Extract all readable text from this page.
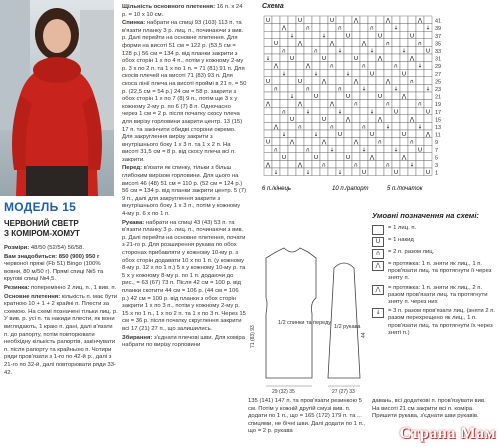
МОДЕЛЬ 15
ЧЕРВОНИЙ СВЕТР
З КОМІРОМ-ХОМУТ

Розміри: 48/50 (52/54) 56/58.

Вам знадобиться: 850 (900) 950 г червоної пряжі (Fb 51) Bingo (100% вовни, 80 м/50 г). Прямі спиці №5 та кругові спиці №4,5.

Резинка: поперемінно 2 лиц. п., 1 вив. п.

Основне плетення: кількість п. має бути кратною 10 + 1 + 2 крайні п. Плести за схемою. На схемі позначені тільки лиц. р. У вив. р. усі п. та накиди плести, як вони виглядають, 1 краю п. дані, далі в'язати п. до рапорту, потім повторювати необхідну кількість рапортів, закінчувати п. після рапорту та крайньою п. Чотири ряди пров'язати з 1-го по 42-й р., далі з 21-го по 32-й, далі повторювати ряди 33-42.

Щільність основного плетення: 16 п. x 24 р. = 10 x 10 см.

Спинка: набрати на спиці 93 (103) 113 п. та в'язати планку 3 р. лиц. п., починаючи з вив. р. Далі перейти на основне плетення. Для форми на висоті 51 см = 122 р. (53,5 см = 128 р.) 56 см = 134 р. від планки закрити з обох сторін 1 х по 4 п., потім у кожному 2-му р. 3 х по 2 п. та 1 х по 1 п. = 71 (81) 91 п. Для скосів плечей на висоті 71 (83) 93 п. Для скоса лінії плеча на висоті проймі в 21 п. = 50 р. (22,5 см = 54 р.) 24 см = 58 р. закрити з обох сторін 1 х по 7 (8) 9 п., потім ще 3 х у кожному 2-му р. по 6 (7) 8 п. Одночасно через 1 см = 2 р. після початку скосу плеча для вирізу горловини закрити центр. 13 (15) 17 п. та закінчити обидві сторони окремо. Для закруглення вирізу закрити з внутрішнього боку 1 х 3 п. та 1 х 2 п. На висоті 31,5 см = 8 р. від скосу плеча всі п. закрити.

Перед: в'язати як спинку, тільки з більш глибоким вирізом горловини. Для цього на висоті 46 (48) 51 см = 110 р. (52 см = 124 р.) 56 см = 134 р. від планки закрити центр. 5 (7) 9 п., далі для закруглення закрити з внутрішнього боку 1 х 3 п., потім у кожному 4-му р. 6 х по 1 п.

Рукава: набрати на спиці 43 (43) 53 п. та в'язати планку 3 р. лиц. п., починаючи з вив. р. Далі перейти на основне плетення, почати з 21-го р. Для розширення рукава по обох сторонах прибавляти у кожному 10-му р. з обох сторін додавати 10 х по 1 п. (у кожному 8-му р. 12 х по 1 п.) 5 х у кожному 10-му р. та 5 х у кожному 8-му р. по 1 п. додаючи до рис., = 63 (67) 73 п. Після 42 см = 100 р. від планки скотити 44 см = 106 р. (44 см = 106 р.) 42 см = 100 р. від планки з обох сторін закрити 1 х по 3 п., потім у кожному 2-му р. 15 х по 1 п., 1 х по 2 п. та 1 х по 3 п. Через 15 см = 36 р. після початку скруглення закрити всі 17 (21) 27 п., що залишились.

Збирання: з'єднати плечові шви. Для коміра набрати по вирізу горловини

Схема
U	U	U	⋀	⋀	⋀
⋀	∩	∩	∩	↓	↓
↓	↓	U	U	U
U	⋀	⋀	⋀	∩	∩
∩	∩	↓	↓	↓	U
↓	U	U	U	⋀	⋀
⋀	⋀	∩	∩	∩	↓
↓	↓	↓	U	U
U	U	⋀	⋀	⋀	∩
∩	∩	∩	↓	↓	↓
↓	U	U	U	⋀
⋀	⋀	⋀	∩	∩	∩
∩	↓	↓	↓	U	U
U	U	⋀	⋀	⋀
⋀	∩	∩	∩	↓	↓
↓	↓	U	U	U	⋀
U	⋀	⋀	⋀	∩	∩
∩	∩	↓	↓	↓	U
U	U	U	⋀	⋀
⋀	⋀	∩	∩	∩	↓
↓	↓	↓	U	U	U
41
39
37
35
33
31
29
27
25
23
21
19
17
15
13
11
9
7
5
3
1
6 п./кінець	10 п./рапорт	5 п./початок
Умовні позначення на схемі:
= 1 лиц. п.
U	= 1 накид
∩	= 2 п. разом лиц.
⋀	= протяжка: 1 п. зняти як лиц., 1 п. пров'язати лиц. та протягнути її через зняту п.
⋀	= протяжка: 1 п. зняти як лиц., 2 п. разом пров'язати лиц. та протягнути зняту п. через них
↓	= 3 п. разом пров'язати лиц. (зняти 2 п. разом перехрещено як лиц., 1 п. пров'язати лиц. та протягнути їх через зняті п.)
1/2 спинки та переду
29 (32) 35
71 (83) 93	1/2 рукава
27 (27) 33
44
135 (141) 147 п. та пров'язати резинкою 5 см. Потім у кожній другій смузі вив. п. додати по 1 п., що = 165 (172) 179 п. та ... спицями, не бічні шви. Далі додати по 1 п., що = 2 р. рукавадавань, всі додаткові п. пров'язувати вив. На висоті 21 см закрити всі п. коміра. Пришити рукава, з'єднати шви рукавів.
Страна Мам
